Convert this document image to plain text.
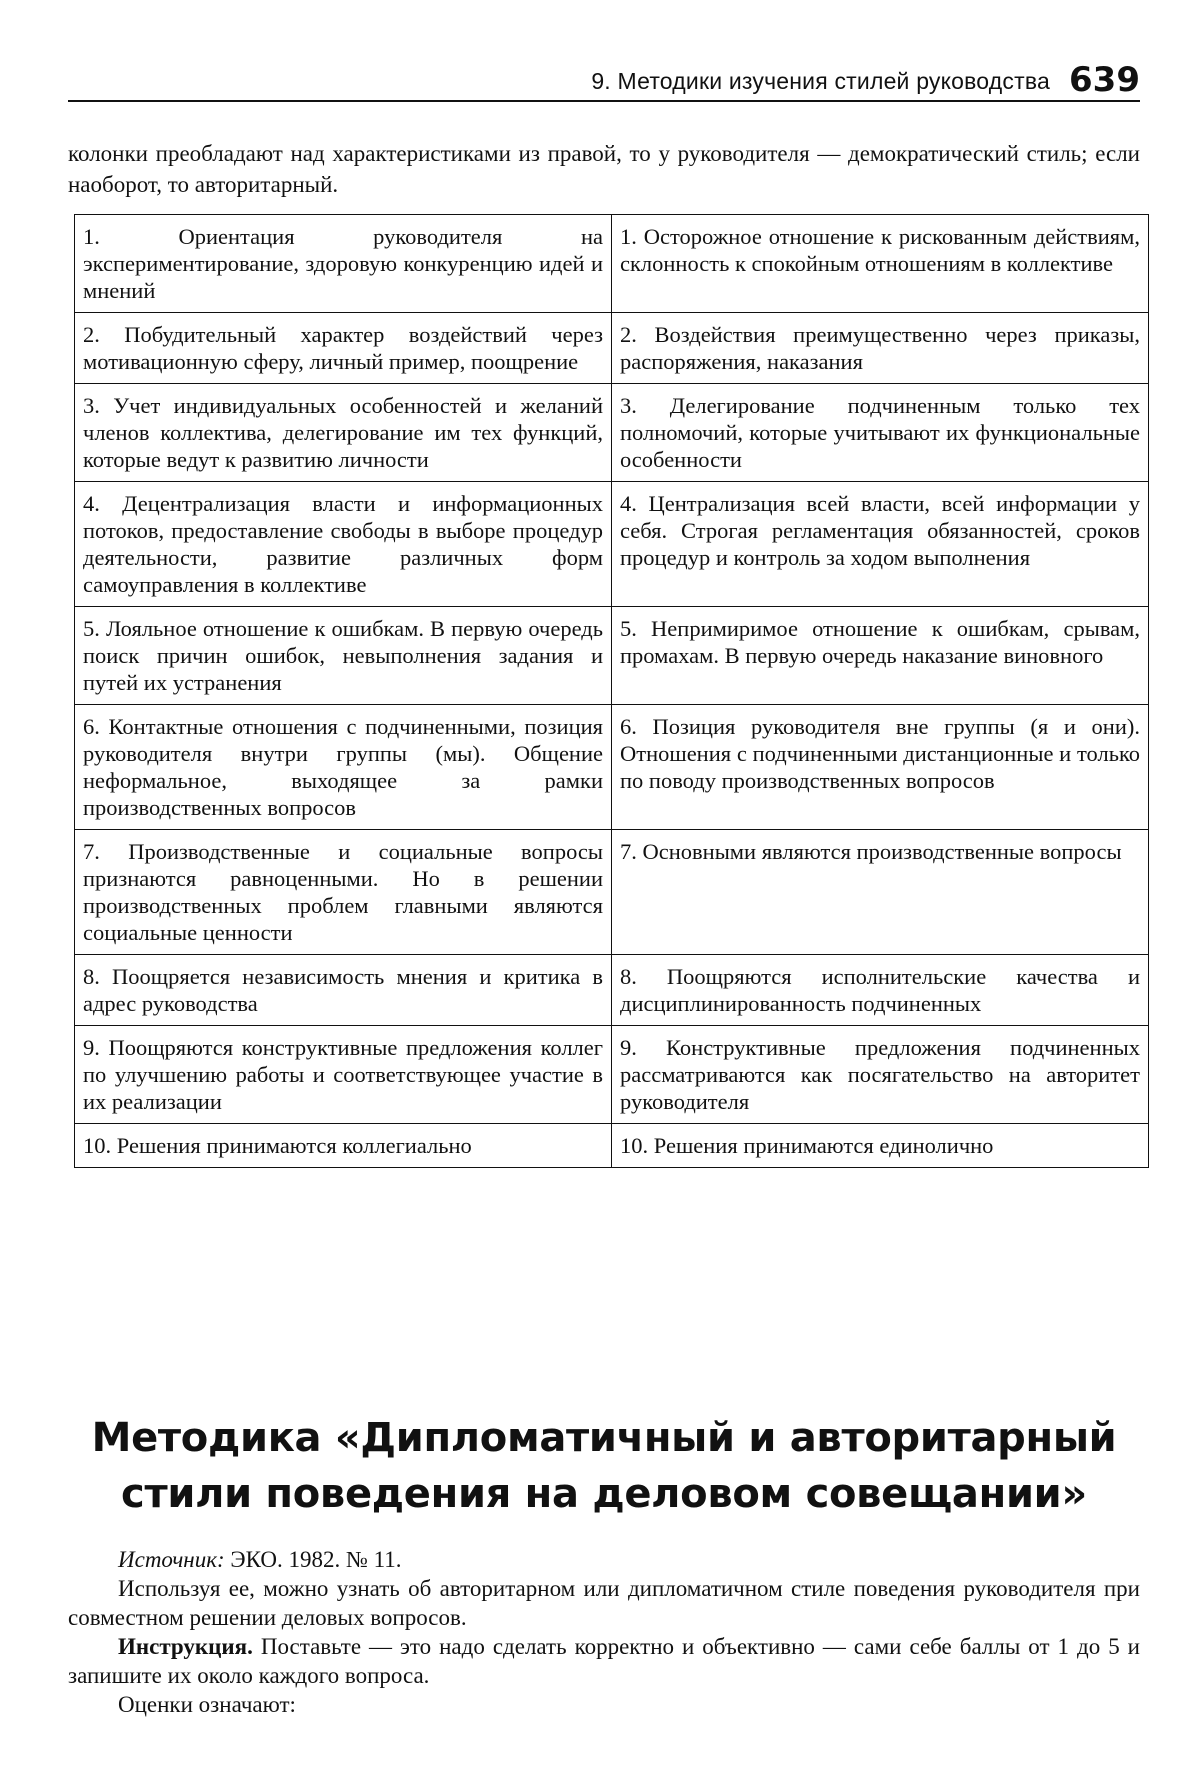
9. Методики изучения стилей руководства 639
колонки преобладают над характеристиками из правой, то у руководителя — демократический стиль; если наоборот, то авторитарный.
1. Ориентация руководителя на экспериментирование, здоровую конкуренцию идей и мнений	1. Осторожное отношение к рискованным действиям, склонность к спокойным отношениям в коллективе
2. Побудительный характер воздействий через мотивационную сферу, личный пример, поощрение	2. Воздействия преимущественно через приказы, распоряжения, наказания
3. Учет индивидуальных особенностей и желаний членов коллектива, делегирование им тех функций, которые ведут к развитию личности	3. Делегирование подчиненным только тех полномочий, которые учитывают их функциональные особенности
4. Децентрализация власти и информационных потоков, предоставление свободы в выборе процедур деятельности, развитие различных форм самоуправления в коллективе	4. Централизация всей власти, всей информации у себя. Строгая регламентация обязанностей, сроков процедур и контроль за ходом выполнения
5. Лояльное отношение к ошибкам. В первую очередь поиск причин ошибок, невыполнения задания и путей их устранения	5. Непримиримое отношение к ошибкам, срывам, промахам. В первую очередь наказание виновного
6. Контактные отношения с подчиненными, позиция руководителя внутри группы (мы). Общение неформальное, выходящее за рамки производственных вопросов	6. Позиция руководителя вне группы (я и они). Отношения с подчиненными дистанционные и только по поводу производственных вопросов
7. Производственные и социальные вопросы признаются равноценными. Но в решении производственных проблем главными являются социальные ценности	7. Основными являются производственные вопросы
8. Поощряется независимость мнения и критика в адрес руководства	8. Поощряются исполнительские качества и дисциплинированность подчиненных
9. Поощряются конструктивные предложения коллег по улучшению работы и соответствующее участие в их реализации	9. Конструктивные предложения подчиненных рассматриваются как посягательство на авторитет руководителя
10. Решения принимаются коллегиально	10. Решения принимаются единолично
Методика «Дипломатичный и авторитарный
стили поведения на деловом совещании»

Источник: ЭКО. 1982. № 11.

Используя ее, можно узнать об авторитарном или дипломатичном стиле поведения руководителя при совместном решении деловых вопросов.

Инструкция. Поставьте — это надо сделать корректно и объективно — сами себе баллы от 1 до 5 и запишите их около каждого вопроса.

Оценки означают:
